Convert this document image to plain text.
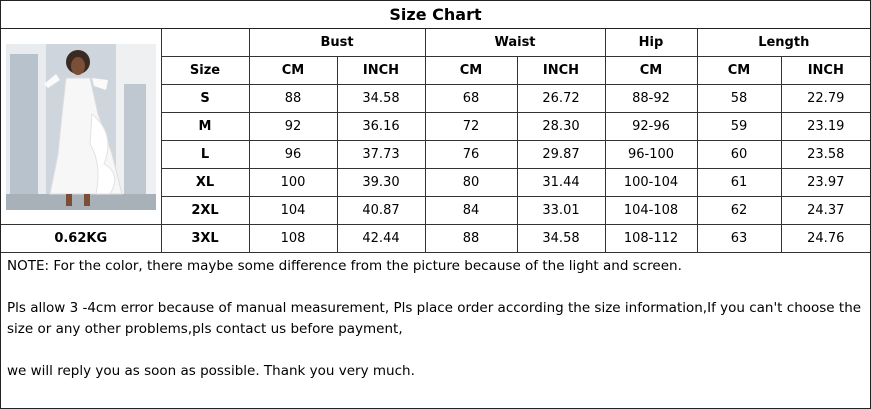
Size Chart
		Bust		Waist		Hip	Length	
	Size	CM	INCH	CM	INCH	CM	CM	INCH
	S	88	34.58	68	26.72	88-92	58	22.79
	M	92	36.16	72	28.30	92-96	59	23.19
	L	96	37.73	76	29.87	96-100	60	23.58
	XL	100	39.30	80	31.44	100-104	61	23.97
	2XL	104	40.87	84	33.01	104-108	62	24.37
0.62KG	3XL	108	42.44	88	34.58	108-112	63	24.76

NOTE: For the color, there maybe some difference from the picture because of the light and screen.

Pls allow 3 -4cm error because of manual measurement, Pls place order according the size information,If you can't choose the size or any other problems,pls contact us before payment,

we will reply you as soon as possible. Thank you very much.
